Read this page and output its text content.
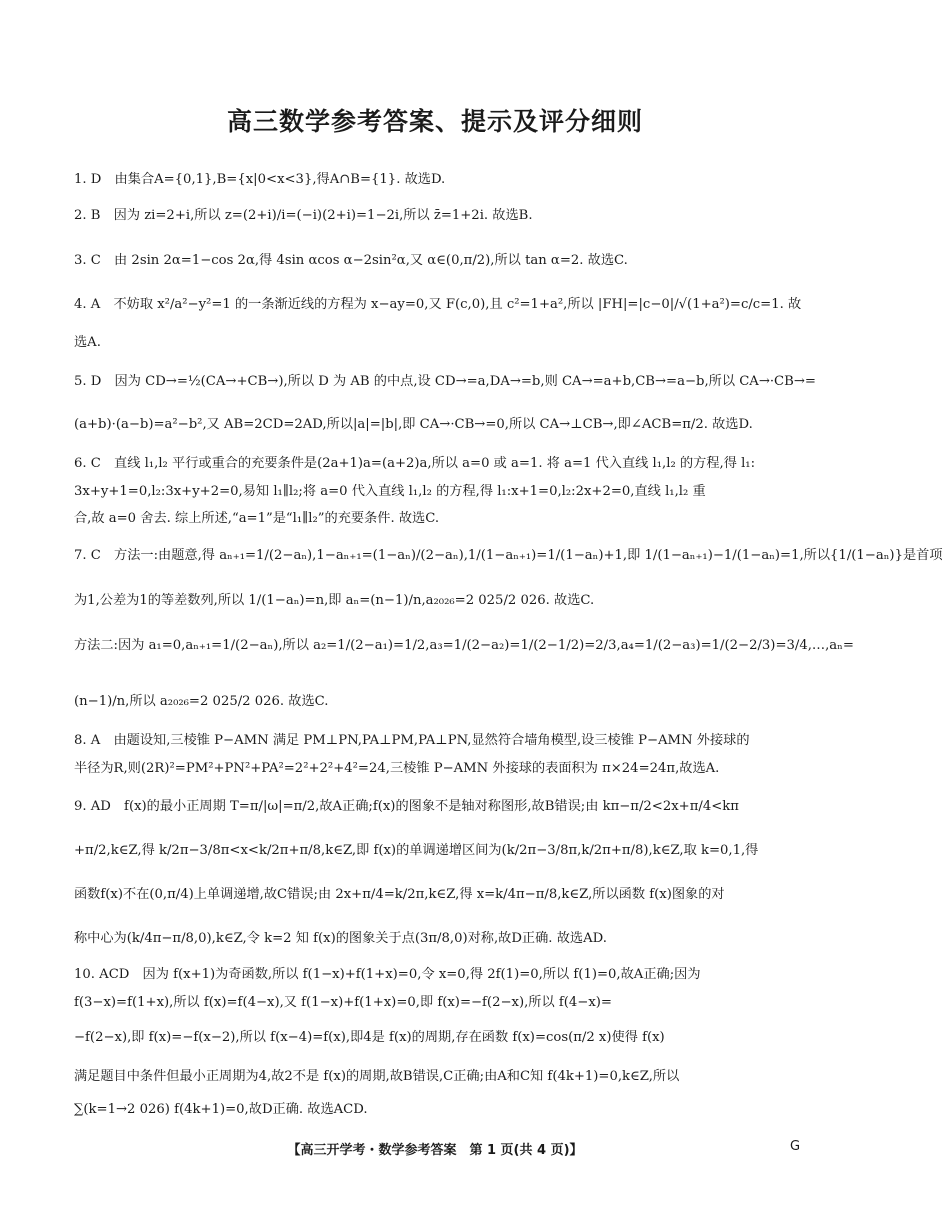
高三数学参考答案、提示及评分细则
1. D　由集合A={0,1},B={x|0<x<3},得A∩B={1}. 故选D.
2. B　因为 zi=2+i,所以 z=(2+i)/i=(−i)(2+i)=1−2i,所以 z̄=1+2i. 故选B.
3. C　由 2sin 2α=1−cos 2α,得 4sin αcos α−2sin²α,又 α∈(0,π/2),所以 tan α=2. 故选C.
4. A　不妨取 x²/a²−y²=1 的一条渐近线的方程为 x−ay=0,又 F(c,0),且 c²=1+a²,所以 |FH|=|c−0|/√(1+a²)=c/c=1. 故
选A.
5. D　因为 CD→=½(CA→+CB→),所以 D 为 AB 的中点,设 CD→=a,DA→=b,则 CA→=a+b,CB→=a−b,所以 CA→·CB→=
(a+b)·(a−b)=a²−b²,又 AB=2CD=2AD,所以|a|=|b|,即 CA→·CB→=0,所以 CA→⊥CB→,即∠ACB=π/2. 故选D.
6. C　直线 l₁,l₂ 平行或重合的充要条件是(2a+1)a=(a+2)a,所以 a=0 或 a=1. 将 a=1 代入直线 l₁,l₂ 的方程,得 l₁:
3x+y+1=0,l₂:3x+y+2=0,易知 l₁∥l₂;将 a=0 代入直线 l₁,l₂ 的方程,得 l₁:x+1=0,l₂:2x+2=0,直线 l₁,l₂ 重
合,故 a=0 舍去. 综上所述,“a=1”是“l₁∥l₂”的充要条件. 故选C.
7. C　方法一:由题意,得 aₙ₊₁=1/(2−aₙ),1−aₙ₊₁=(1−aₙ)/(2−aₙ),1/(1−aₙ₊₁)=1/(1−aₙ)+1,即 1/(1−aₙ₊₁)−1/(1−aₙ)=1,所以{1/(1−aₙ)}是首项
为1,公差为1的等差数列,所以 1/(1−aₙ)=n,即 aₙ=(n−1)/n,a₂₀₂₆=2 025/2 026. 故选C.
方法二:因为 a₁=0,aₙ₊₁=1/(2−aₙ),所以 a₂=1/(2−a₁)=1/2,a₃=1/(2−a₂)=1/(2−1/2)=2/3,a₄=1/(2−a₃)=1/(2−2/3)=3/4,…,aₙ=
(n−1)/n,所以 a₂₀₂₆=2 025/2 026. 故选C.
8. A　由题设知,三棱锥 P−AMN 满足 PM⊥PN,PA⊥PM,PA⊥PN,显然符合墙角模型,设三棱锥 P−AMN 外接球的
半径为R,则(2R)²=PM²+PN²+PA²=2²+2²+4²=24,三棱锥 P−AMN 外接球的表面积为 π×24=24π,故选A.
9. AD　f(x)的最小正周期 T=π/|ω|=π/2,故A正确;f(x)的图象不是轴对称图形,故B错误;由 kπ−π/2<2x+π/4<kπ
+π/2,k∈Z,得 k/2π−3/8π<x<k/2π+π/8,k∈Z,即 f(x)的单调递增区间为(k/2π−3/8π,k/2π+π/8),k∈Z,取 k=0,1,得
函数f(x)不在(0,π/4)上单调递增,故C错误;由 2x+π/4=k/2π,k∈Z,得 x=k/4π−π/8,k∈Z,所以函数 f(x)图象的对
称中心为(k/4π−π/8,0),k∈Z,令 k=2 知 f(x)的图象关于点(3π/8,0)对称,故D正确. 故选AD.
10. ACD　因为 f(x+1)为奇函数,所以 f(1−x)+f(1+x)=0,令 x=0,得 2f(1)=0,所以 f(1)=0,故A正确;因为
f(3−x)=f(1+x),所以 f(x)=f(4−x),又 f(1−x)+f(1+x)=0,即 f(x)=−f(2−x),所以 f(4−x)=
−f(2−x),即 f(x)=−f(x−2),所以 f(x−4)=f(x),即4是 f(x)的周期,存在函数 f(x)=cos(π/2 x)使得 f(x)
满足题目中条件但最小正周期为4,故2不是 f(x)的周期,故B错误,C正确;由A和C知 f(4k+1)=0,k∈Z,所以
∑(k=1→2 026) f(4k+1)=0,故D正确. 故选ACD.
【高三开学考・数学参考答案　第 1 页(共 4 页)】	G
